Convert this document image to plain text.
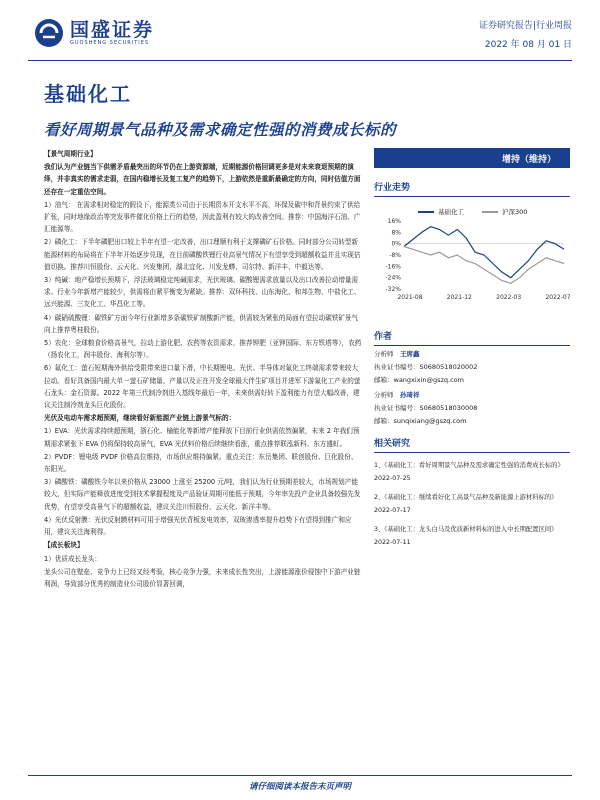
国盛证券
GUOSHENG SECURITIES
证券研究报告|行业周报
2022 年 08 月 01 日
基础化工
看好周期景气品种及需求确定性强的消费成长标的

【景气周期行业】

我们认为产业链当下供需矛盾最突出的环节仍在上游资源端，近期能源价格回调更多是对未来衰退预期的演绎，并非真实的需求走弱，在国内稳增长及复工复产的趋势下，上游依然是重新最确定的方向，同时估值方面还存在一定重估空间。

1）油气： 在需求相对稳定的假设下，能源类公司由于长期资本开支水平不高，环保及碳中和背景约束了供给扩张，同时地缘政治等突发事件催化价格上行的趋势，因此盈利有较大的改善空间。推荐：中国海洋石油、广汇能源等。

2）磷化工：下半年磷肥出口较上半年有望一定改善，出口理顺有利于支撑磷矿石价格。同时部分公司转型新能源材料的布局将在下半年开始逐步兑现，在目前磷酸铁锂行业高景气情况下有望享受到超额收益并且实现估值切换。推荐川恒股份、云天化、兴发集团，湖北宜化、川发龙蟒、司尔特、新洋丰、中毅达等。

3）纯碱：地产稳增长预期下，浮法玻璃稳定纯碱需求，光伏玻璃、碳酸锂需求放量以及出口改善拉动增量需求。行业今年新增产能较少，供需将由紧平衡变为紧缺。推荐：双环科技、山东海化、和邦生物、中盐化工、远兴能源、三友化工、华昌化工等。

4）碳硝硫酸锂：碳铁矿方面今年行业新增多条碳铁矿制酸新产能，供需较为紧张的局面有望拉动碳铁矿景气向上推荐粤桂股份。

5）农化：全球粮食价格高景气，拉动上游化肥、农药等农资需求，推荐钾肥（亚钾国际、东方铁塔等），农药（扬农化工，润丰股份、海利尔等）。

6）氟化工：萤石短期海外供给受限带来进口量下滑，中长期锂电、光伏、半导体对氟化工终端需求带来较大拉动。看好具备国内最大单一萤石矿储量、产量以及正在开发全球最大伴生矿项目并进军下游氟化工产业的萤石龙头：金石资源。2022 年第三代制冷剂进入基线年最后一年，未来供需好转下盈利能力有望大幅改善，建议关注制冷剂龙头巨化股份。

光伏及电动车需求超预期，继续看好新能源产业链上游景气标的：

1）EVA：光伏需求持续超预期，浙石化、榆能化等新增产能释放下目前行业供需依然偏紧，未来 2 年我们预期需求紧张下 EVA 仍将保持较高景气，EVA 光伏料价格后续继续看涨，重点推荐联泓新科、东方盛虹。

2）PVDF：锂电级 PVDF 价格高位维持，市场供应维持偏紧。重点关注：东岳集团、联创股份、巨化股份、东阳光。

3）磷酸铁：磷酸铁今年以来价格从 23000 上涨至 25200 元/吨，我们认为行业预期差较大，市场规划产能较大，但实际产能释放进度受到技术掌握程度及产品验证周期可能低于预期，今年率先投产企业具备较强先发优势，有望享受高景气下的超额收益，建议关注川恒股份、云天化、新洋丰等。

4）光伏反射膜：光伏反射膜材料可用于增强光伏背板发电效率，双玻渗透率提升趋势下有望得到推广和应用，建议关注海利得。

【成长板块】

1）优质成长龙头：

龙头公司在壁垒、竞争力上已经又经考验，核心竞争力强，未来成长性突出，上游能源涨价侵蚀中下游产业链利润，导致部分优秀的制造业公司股价显著回调，

增持（维持）
行业走势
基础化工	沪深300
16%
8%
0%
-8%
-16%
-24%
-32%
2021-08	2021-12	2022-03	2022-07
作者
分析师　 王席鑫
执业证书编号：S0680518020002
邮箱：wangxixin@gszq.com
分析师　 孙琦祥
执业证书编号：S0680518030008
邮箱：sunqixiang@gszq.com
相关研究
1、《基础化工：看好周期景气品种及需求确定性强的消费成长标的》2022-07-25
2、《基础化工：继续看好化工高景气品种及新能源上游材料标的》2022-07-17
3、《基础化工：龙头白马及优质新材料标的进入中长期配置区间》2022-07-11
请仔细阅读本报告末页声明
